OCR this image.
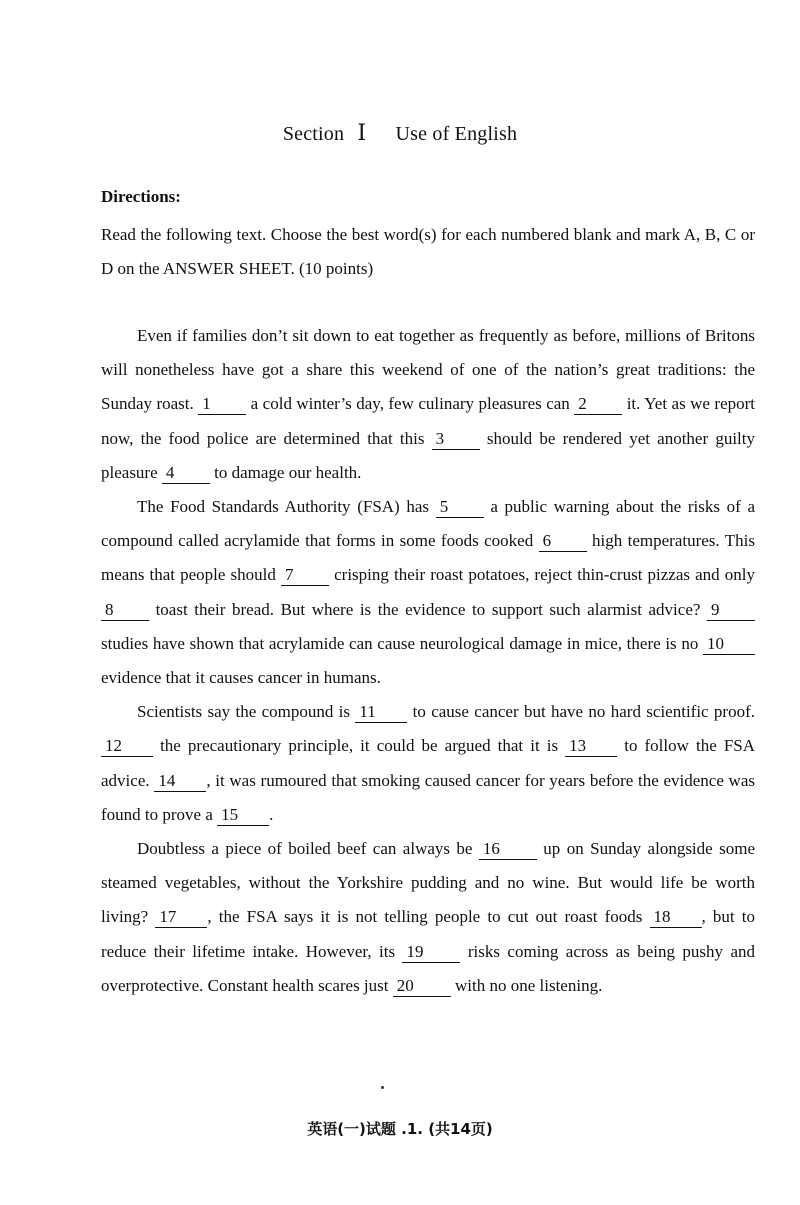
Section Ⅰ Use of English
Directions:
Read the following text. Choose the best word(s) for each numbered blank and mark A, B, C or D on the ANSWER SHEET. (10 points)

Even if families don’t sit down to eat together as frequently as before, millions of Britons will nonetheless have got a share this weekend of one of the nation’s great traditions: the Sunday roast. 1 a cold winter’s day, few culinary pleasures can 2 it. Yet as we report now, the food police are determined that this 3 should be rendered yet another guilty pleasure 4 to damage our health.

The Food Standards Authority (FSA) has 5 a public warning about the risks of a compound called acrylamide that forms in some foods cooked 6 high temperatures. This means that people should 7 crisping their roast potatoes, reject thin-crust pizzas and only 8 toast their bread. But where is the evidence to support such alarmist advice? 9 studies have shown that acrylamide can cause neurological damage in mice, there is no 10 evidence that it causes cancer in humans.

Scientists say the compound is 11 to cause cancer but have no hard scientific proof. 12 the precautionary principle, it could be argued that it is 13 to follow the FSA advice. 14 , it was rumoured that smoking caused cancer for years before the evidence was found to prove a 15 .

Doubtless a piece of boiled beef can always be 16 up on Sunday alongside some steamed vegetables, without the Yorkshire pudding and no wine. But would life be worth living? 17 , the FSA says it is not telling people to cut out roast foods 18 , but to reduce their lifetime intake. However, its 19 risks coming across as being pushy and overprotective. Constant health scares just 20 with no one listening.

英语(一)试题 .1. (共14页)
